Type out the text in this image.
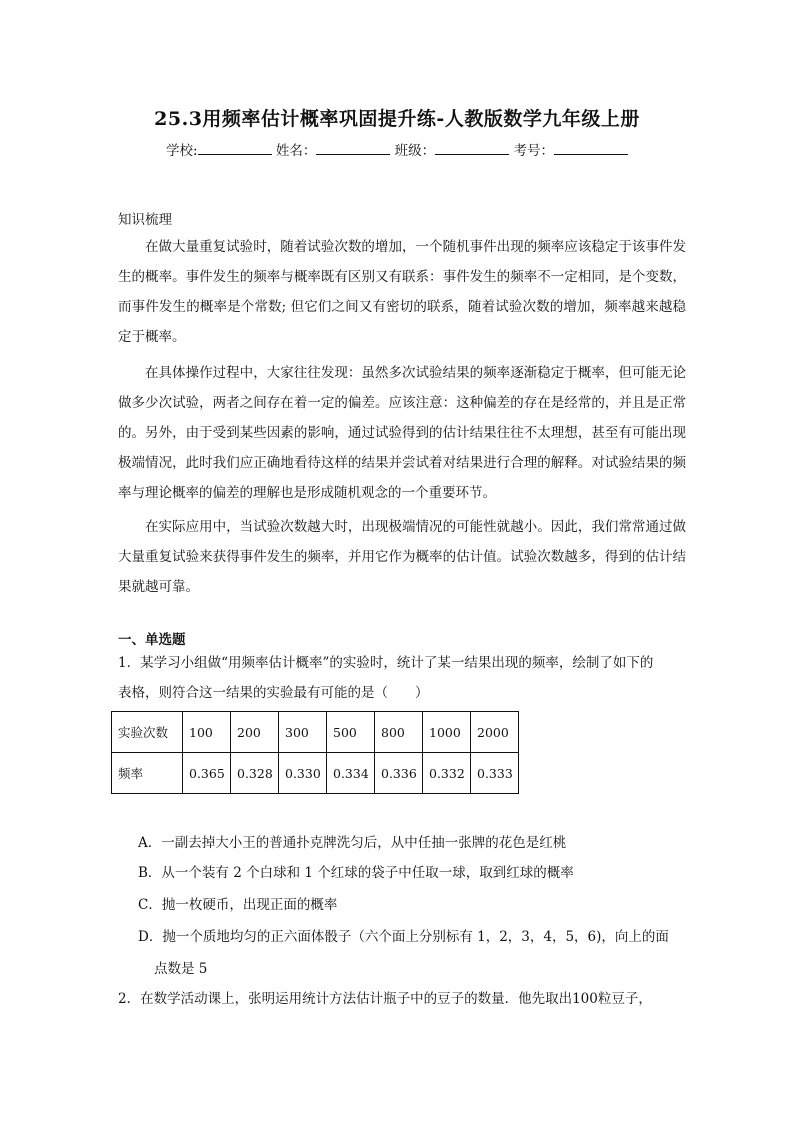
25.3用频率估计概率巩固提升练-人教版数学九年级上册
学校:	姓名：	班级：	考号：
知识梳理

在做大量重复试验时，随着试验次数的增加，一个随机事件出现的频率应该稳定于该事件发生的概率。事件发生的频率与概率既有区别又有联系：事件发生的频率不一定相同，是个变数，而事件发生的概率是个常数; 但它们之间又有密切的联系，随着试验次数的增加，频率越来越稳定于概率。

在具体操作过程中，大家往往发现：虽然多次试验结果的频率逐渐稳定于概率，但可能无论做多少次试验，两者之间存在着一定的偏差。应该注意：这种偏差的存在是经常的，并且是正常的。另外，由于受到某些因素的影响，通过试验得到的估计结果往往不太理想，甚至有可能出现极端情况，此时我们应正确地看待这样的结果并尝试着对结果进行合理的解释。对试验结果的频率与理论概率的偏差的理解也是形成随机观念的一个重要环节。

在实际应用中，当试验次数越大时，出现极端情况的可能性就越小。因此，我们常常通过做大量重复试验来获得事件发生的频率，并用它作为概率的估计值。试验次数越多，得到的估计结果就越可靠。

一、单选题

1．某学习小组做“用频率估计概率”的实验时，统计了某一结果出现的频率，绘制了如下的

表格，则符合这一结果的实验最有可能的是（　　）

实验次数	100	200	300	500	800	1000	2000
频率	0.365	0.328	0.330	0.334	0.336	0.332	0.333

A．一副去掉大小王的普通扑克牌洗匀后，从中任抽一张牌的花色是红桃

B．从一个装有 2 个白球和 1 个红球的袋子中任取一球，取到红球的概率

C．抛一枚硬币，出现正面的概率

D．抛一个质地均匀的正六面体骰子（六个面上分别标有 1，2，3，4，5，6)，向上的面

点数是 5

2．在数学活动课上，张明运用统计方法估计瓶子中的豆子的数量．他先取出100粒豆子，
